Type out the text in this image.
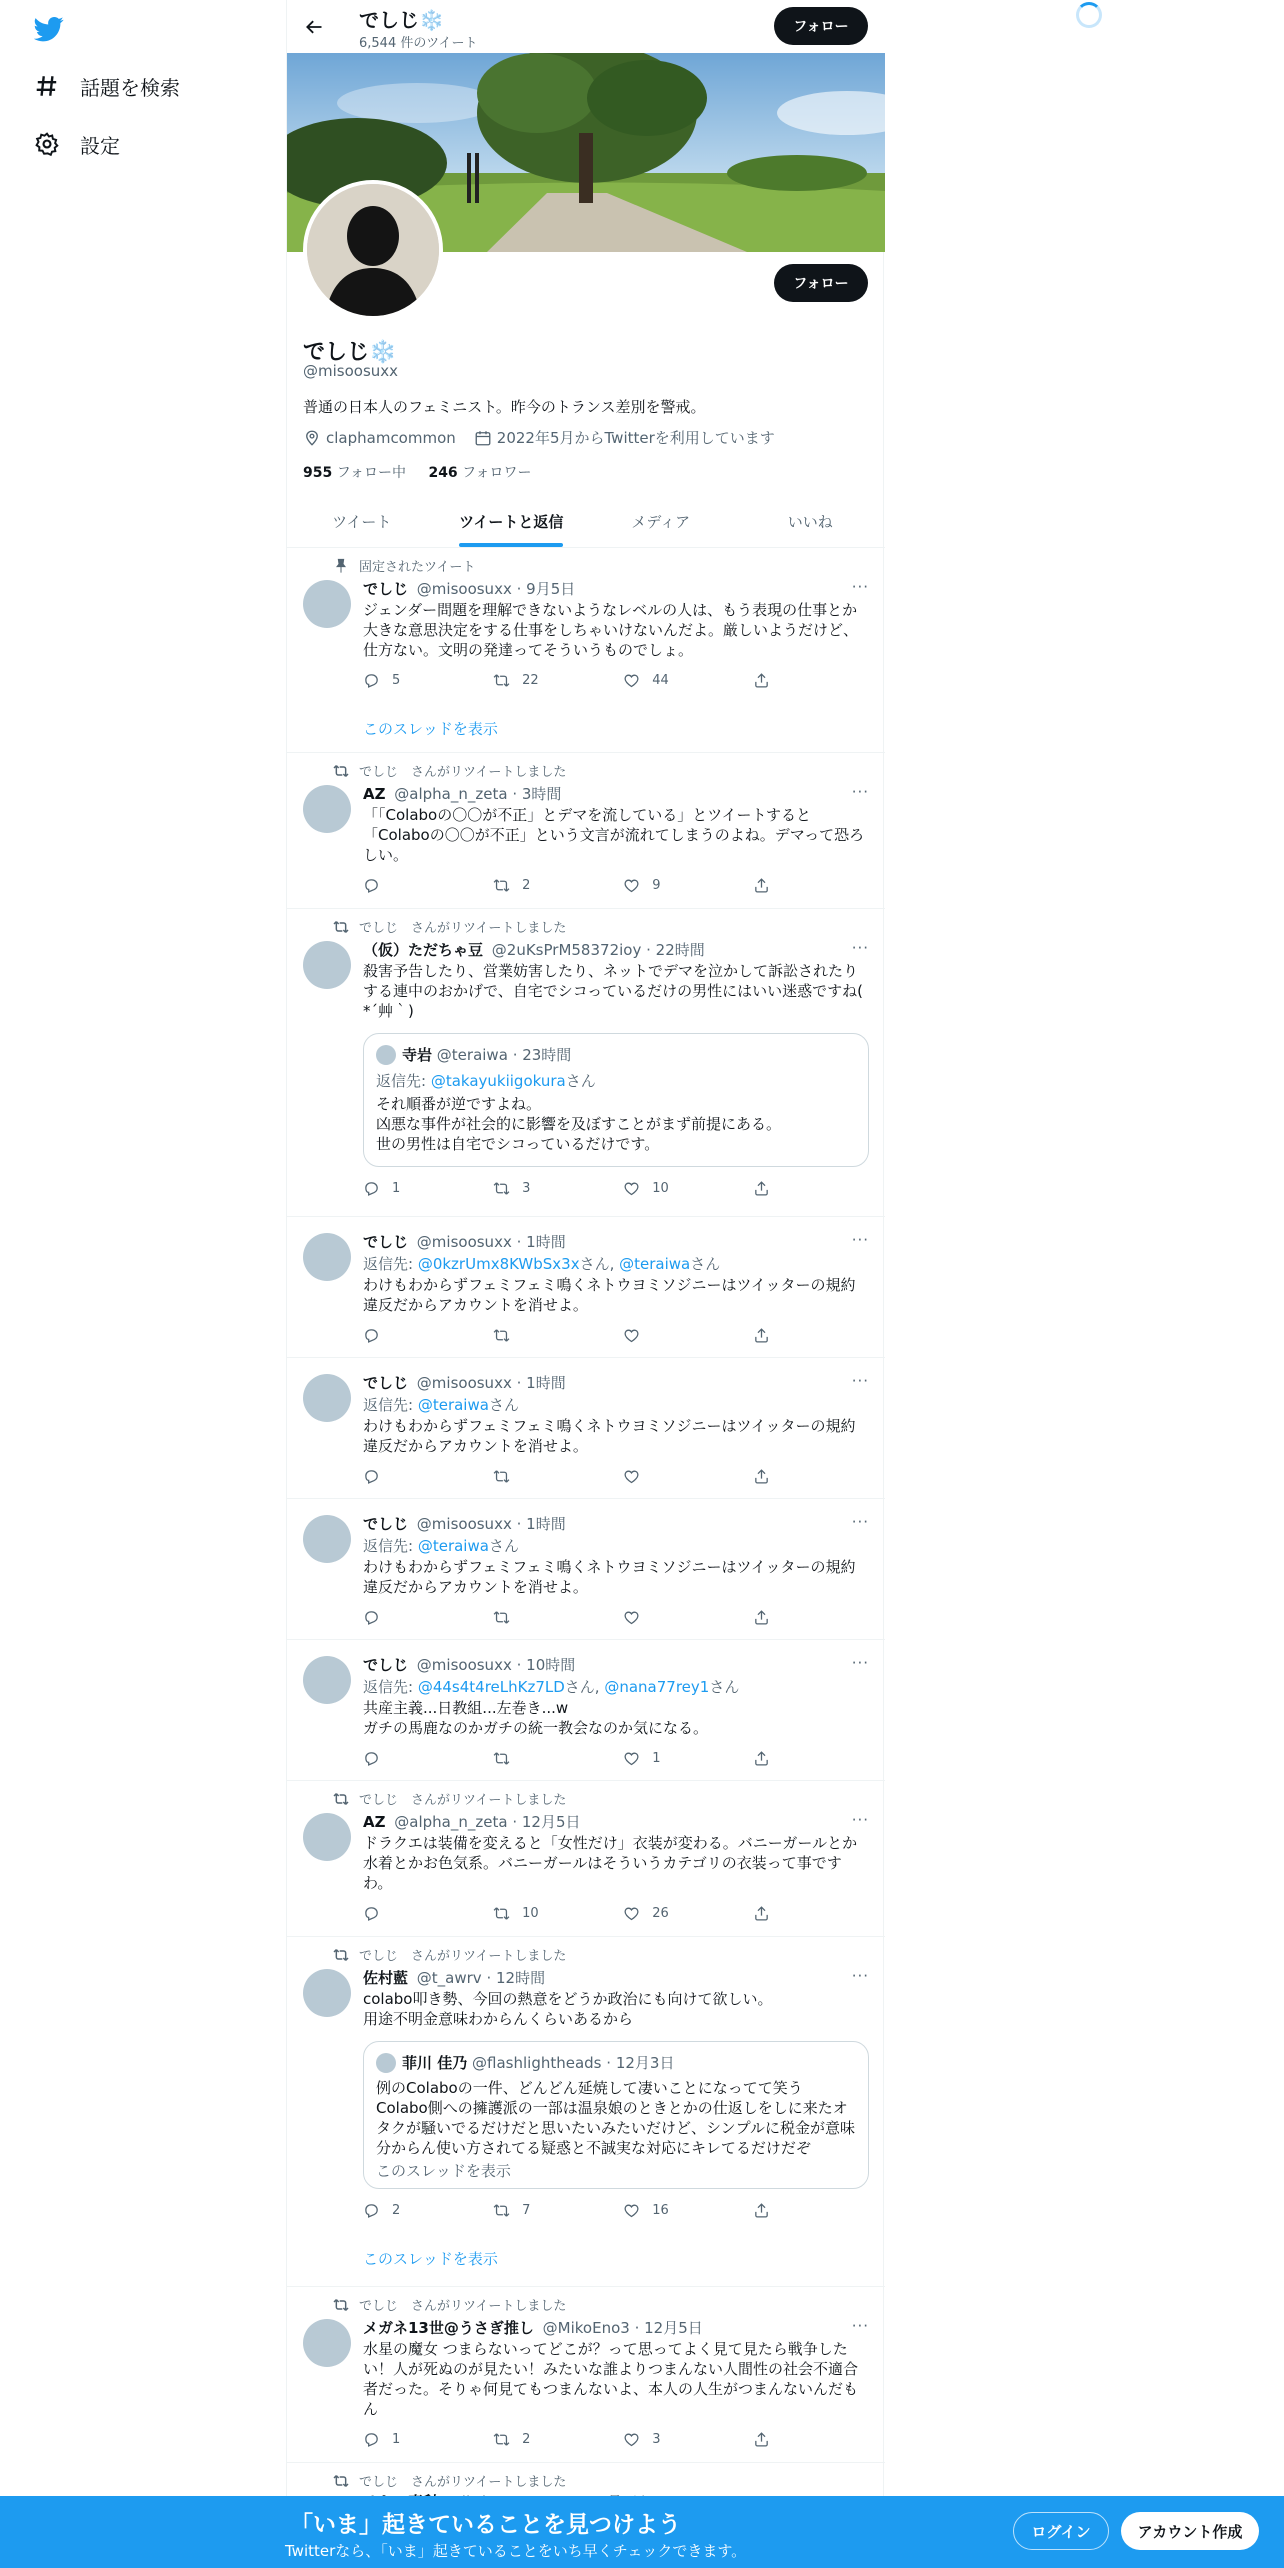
話題を検索
設定
でしじ❄️
6,544 件のツイート
フォロー
フォロー
でしじ❄️
@misoosuxx
普通の日本人のフェミニスト。昨今のトランス差別を警戒。
claphamcommon	2022年5月からTwitterを利用しています
955 フォロー中 246 フォロワー
ツイート	ツイートと返信	メディア	いいね
固定されたツイート
でしじ @misoosuxx · 9月5日	···
ジェンダー問題を理解できないようなレベルの人は、もう表現の仕事とか大きな意思決定をする仕事をしちゃいけないんだよ。厳しいようだけど、仕方ない。文明の発達ってそういうものでしょ。
5	22	44
このスレッドを表示
でしじ　さんがリツイートしました
AZ @alpha_n_zeta · 3時間	···
「「Colaboの〇〇が不正」とデマを流している」とツイートすると「Colaboの〇〇が不正」という文言が流れてしまうのよね。デマって恐ろしい。
2	9
でしじ　さんがリツイートしました
（仮）ただちゃ豆 @2uKsPrM58372ioy · 22時間	···
殺害予告したり、営業妨害したり、ネットでデマを泣かして訴訟されたりする連中のおかげで、自宅でシコっているだけの男性にはいい迷惑ですね( *´艸｀)
寺岩
@teraiwa
· 23時間
返信先: @takayukiigokuraさん
それ順番が逆ですよね。
凶悪な事件が社会的に影響を及ぼすことがまず前提にある。
世の男性は自宅でシコっているだけです。
1	3	10
でしじ @misoosuxx · 1時間	···
返信先: @0kzrUmx8KWbSx3xさん, @teraiwaさん
わけもわからずフェミフェミ鳴くネトウヨミソジニーはツイッターの規約違反だからアカウントを消せよ。
でしじ @misoosuxx · 1時間	···
返信先: @teraiwaさん
わけもわからずフェミフェミ鳴くネトウヨミソジニーはツイッターの規約違反だからアカウントを消せよ。
でしじ @misoosuxx · 1時間	···
返信先: @teraiwaさん
わけもわからずフェミフェミ鳴くネトウヨミソジニーはツイッターの規約違反だからアカウントを消せよ。
でしじ @misoosuxx · 10時間	···
返信先: @44s4t4reLhKz7LDさん, @nana77rey1さん
共産主義...日教組...左巻き...w
ガチの馬鹿なのかガチの統一教会なのか気になる。
1
でしじ　さんがリツイートしました
AZ @alpha_n_zeta · 12月5日	···
ドラクエは装備を変えると「女性だけ」衣装が変わる。バニーガールとか水着とかお色気系。バニーガールはそういうカテゴリの衣装って事ですわ。
10	26
でしじ　さんがリツイートしました
佐村藍 @t_awrv · 12時間	···
colabo叩き勢、今回の熱意をどうか政治にも向けて欲しい。
用途不明金意味わからんくらいあるから
菲川 佳乃
@flashlightheads
· 12月3日
例のColaboの一件、どんどん延焼して凄いことになってて笑う
Colabo側への擁護派の一部は温泉娘のときとかの仕返しをしに来たオタクが騒いでるだけだと思いたいみたいだけど、シンプルに税金が意味分からん使い方されてる疑惑と不誠実な対応にキレてるだけだぞ
このスレッドを表示
2	7	16
このスレッドを表示
でしじ　さんがリツイートしました
メガネ13世@うさぎ推し @MikoEno3 · 12月5日	···
水星の魔女 つまらないってどこが？って思ってよく見て見たら戦争したい！人が死ぬのが見たい！みたいな誰よりつまんない人間性の社会不適合者だった。そりゃ何見てもつまんないよ、本人の人生がつまんないんだもん
1	2	3
でしじ　さんがリツイートしました
「いま」起きていることを見つけよう
Twitterなら、「いま」起きていることをいち早くチェックできます。
ログイン	アカウント作成
